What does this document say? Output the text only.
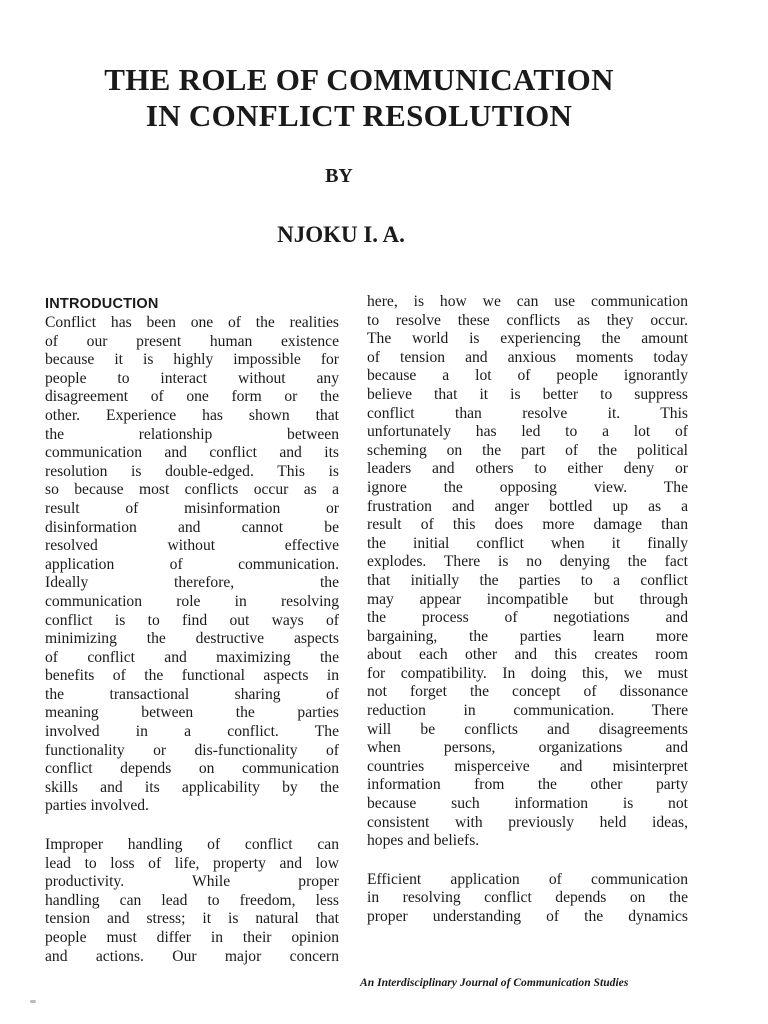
THE ROLE OF COMMUNICATION
IN CONFLICT RESOLUTION
BY
NJOKU I. A.
INTRODUCTION
Conflict has been one of the realities
of our present human existence
because it is highly impossible for
people to interact without any
disagreement of one form or the
other. Experience has shown that
the relationship between
communication and conflict and its
resolution is double-edged. This is
so because most conflicts occur as a
result of misinformation or
disinformation and cannot be
resolved without effective
application of communication.
Ideally therefore, the
communication role in resolving
conflict is to find out ways of
minimizing the destructive aspects
of conflict and maximizing the
benefits of the functional aspects in
the transactional sharing of
meaning between the parties
involved in a conflict. The
functionality or dis-functionality of
conflict depends on communication
skills and its applicability by the
parties involved.
Improper handling of conflict can
lead to loss of life, property and low
productivity. While proper
handling can lead to freedom, less
tension and stress; it is natural that
people must differ in their opinion
and actions. Our major concern
here, is how we can use communication
to resolve these conflicts as they occur.
The world is experiencing the amount
of tension and anxious moments today
because a lot of people ignorantly
believe that it is better to suppress
conflict than resolve it. This
unfortunately has led to a lot of
scheming on the part of the political
leaders and others to either deny or
ignore the opposing view. The
frustration and anger bottled up as a
result of this does more damage than
the initial conflict when it finally
explodes. There is no denying the fact
that initially the parties to a conflict
may appear incompatible but through
the process of negotiations and
bargaining, the parties learn more
about each other and this creates room
for compatibility. In doing this, we must
not forget the concept of dissonance
reduction in communication. There
will be conflicts and disagreements
when persons, organizations and
countries misperceive and misinterpret
information from the other party
because such information is not
consistent with previously held ideas,
hopes and beliefs.
Efficient application of communication
in resolving conflict depends on the
proper understanding of the dynamics
An Interdisciplinary Journal of Communication Studies
